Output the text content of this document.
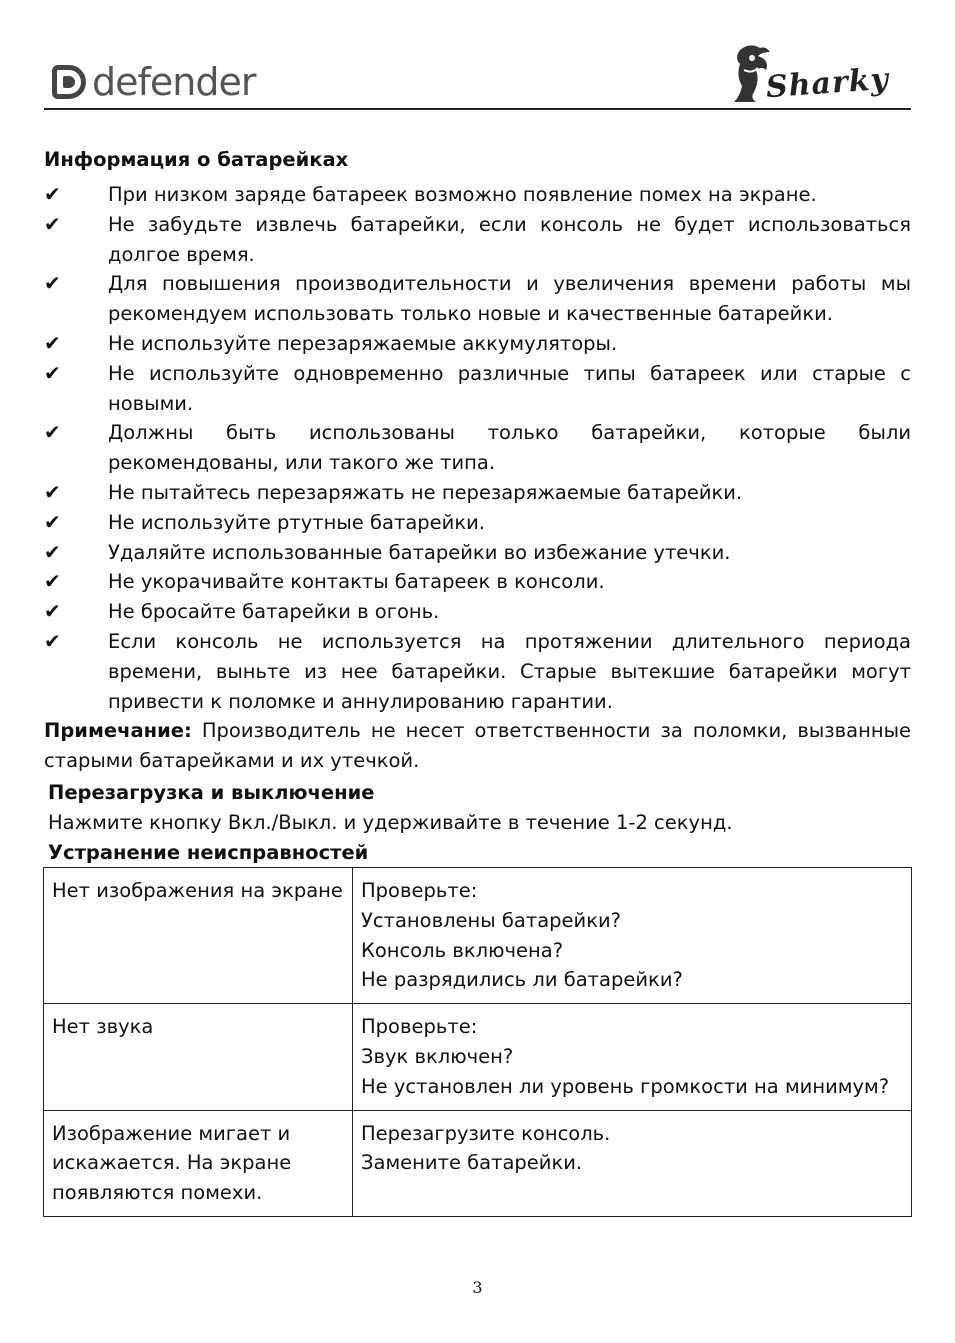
defender	Sharky
Информация о батарейках
✔ При низком заряде батареек возможно появление помех на экране.
✔ Не забудьте извлечь батарейки, если консоль не будет использоваться долгое время.
✔ Для повышения производительности и увеличения времени работы мы рекомендуем использовать только новые и качественные батарейки.
✔ Не используйте перезаряжаемые аккумуляторы.
✔ Не используйте одновременно различные типы батареек или старые с новыми.
✔ Должны быть использованы только батарейки, которые были рекомендованы, или такого же типа.
✔ Не пытайтесь перезаряжать не перезаряжаемые батарейки.
✔ Не используйте ртутные батарейки.
✔ Удаляйте использованные батарейки во избежание утечки.
✔ Не укорачивайте контакты батареек в консоли.
✔ Не бросайте батарейки в огонь.
✔ Если консоль не используется на протяжении длительного периода времени, выньте из нее батарейки. Старые вытекшие батарейки могут привести к поломке и аннулированию гарантии.

Примечание: Производитель не несет ответственности за поломки, вызванные старыми батарейками и их утечкой.

Перезагрузка и выключение

Нажмите кнопку Вкл./Выкл. и удерживайте в течение 1-2 секунд.

Устранение неисправностей
Нет изображения на экране	Проверьте:
Установлены батарейки?
Консоль включена?
Не разрядились ли батарейки?

Нет звука	Проверьте:
Звук включен?
Не установлен ли уровень громкости на минимум?

Изображение мигает и искажается. На экране появляются помехи.	Перезагрузите консоль.
Замените батарейки.
3
